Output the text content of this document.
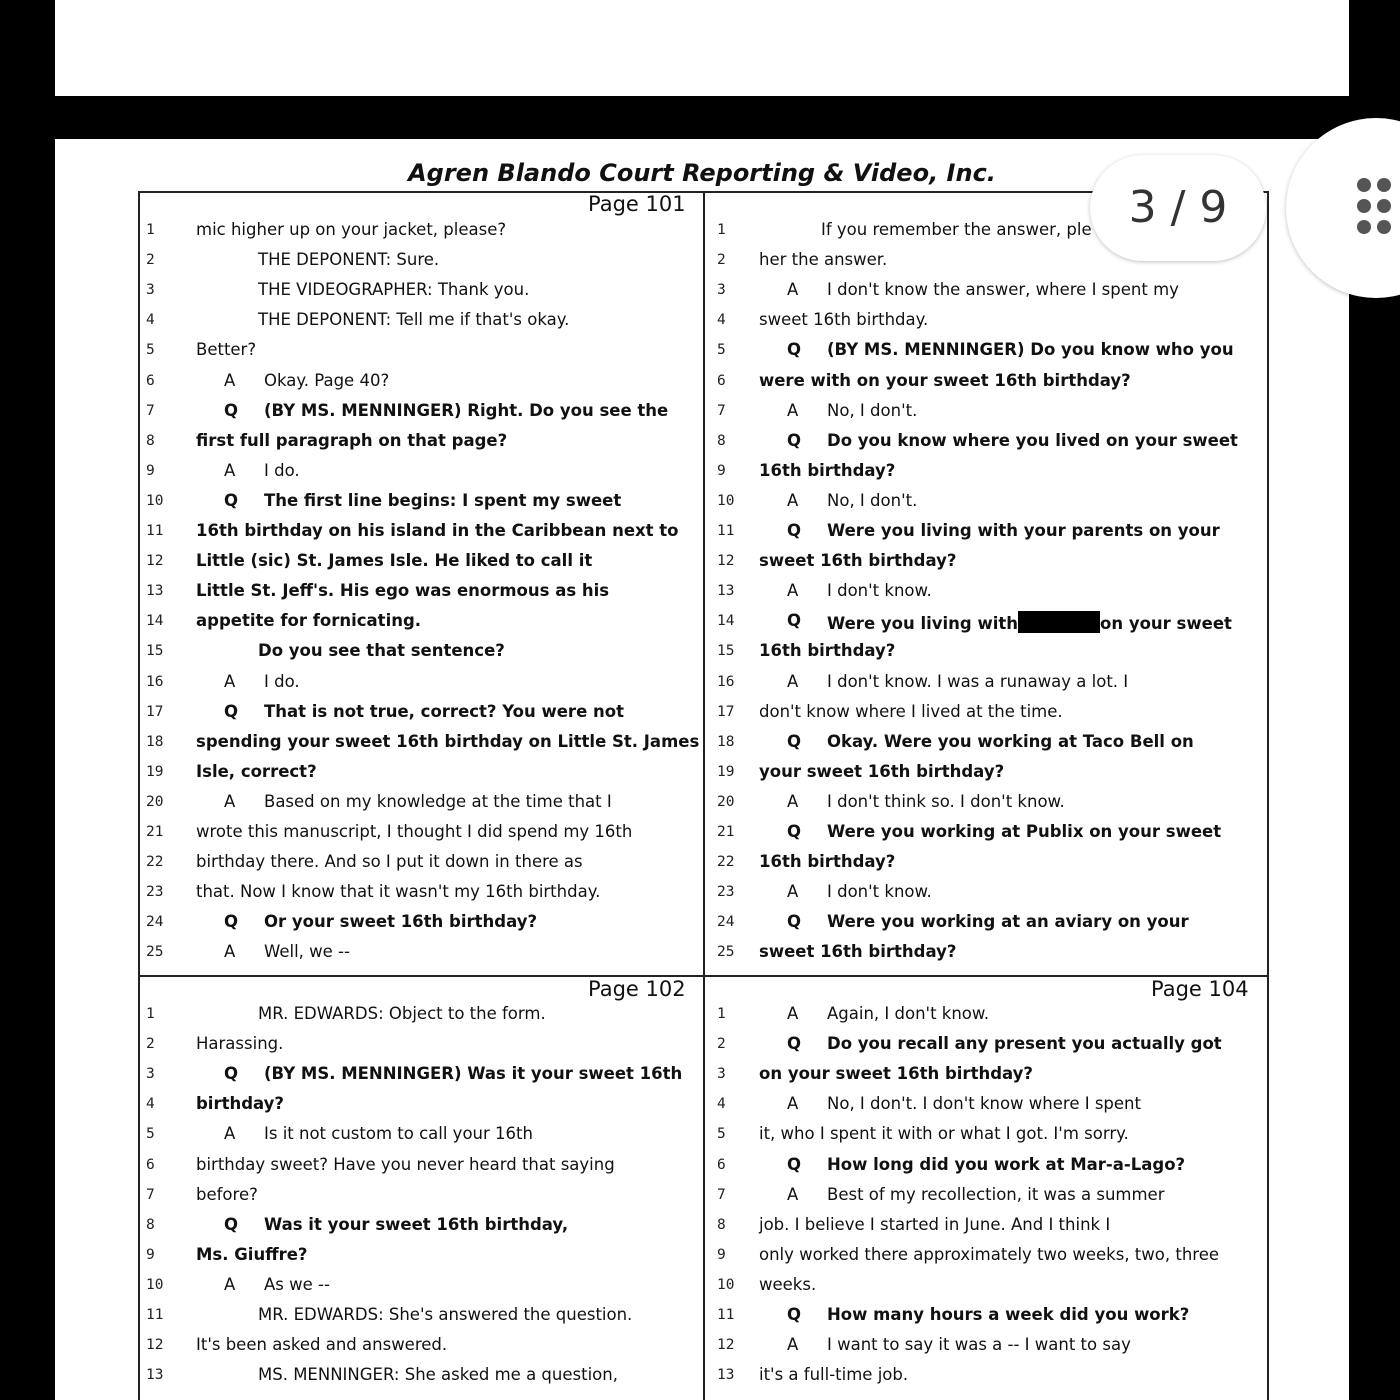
Agren Blando Court Reporting & Video, Inc.
Page 101
Page 102	Page 104
1	mic higher up on your jacket, please?
2	THE DEPONENT: Sure.
3	THE VIDEOGRAPHER: Thank you.
4	THE DEPONENT: Tell me if that's okay.
5	Better?
6	A Okay. Page 40?
7	Q (BY MS. MENNINGER) Right. Do you see the
8	first full paragraph on that page?
9	A I do.
10	Q The first line begins: I spent my sweet
11	16th birthday on his island in the Caribbean next to
12	Little (sic) St. James Isle. He liked to call it
13	Little St. Jeff's. His ego was enormous as his
14	appetite for fornicating.
15	Do you see that sentence?
16	A I do.
17	Q That is not true, correct? You were not
18	spending your sweet 16th birthday on Little St. James
19	Isle, correct?
20	A Based on my knowledge at the time that I
21	wrote this manuscript, I thought I did spend my 16th
22	birthday there. And so I put it down in there as
23	that. Now I know that it wasn't my 16th birthday.
24	Q Or your sweet 16th birthday?
25	A Well, we --
1	If you remember the answer, ple
2	her the answer.
3	A I don't know the answer, where I spent my
4	sweet 16th birthday.
5	Q (BY MS. MENNINGER) Do you know who you
6	were with on your sweet 16th birthday?
7	A No, I don't.
8	Q Do you know where you lived on your sweet
9	16th birthday?
10	A No, I don't.
11	Q Were you living with your parents on your
12	sweet 16th birthday?
13	A I don't know.
14	Q Were you living with	on your sweet
15	16th birthday?
16	A I don't know. I was a runaway a lot. I
17	don't know where I lived at the time.
18	Q Okay. Were you working at Taco Bell on
19	your sweet 16th birthday?
20	A I don't think so. I don't know.
21	Q Were you working at Publix on your sweet
22	16th birthday?
23	A I don't know.
24	Q Were you working at an aviary on your
25	sweet 16th birthday?
1	MR. EDWARDS: Object to the form.
2	Harassing.
3	Q (BY MS. MENNINGER) Was it your sweet 16th
4	birthday?
5	A Is it not custom to call your 16th
6	birthday sweet? Have you never heard that saying
7	before?
8	Q Was it your sweet 16th birthday,
9	Ms. Giuffre?
10	A As we --
11	MR. EDWARDS: She's answered the question.
12	It's been asked and answered.
13	MS. MENNINGER: She asked me a question,
1	A Again, I don't know.
2	Q Do you recall any present you actually got
3	on your sweet 16th birthday?
4	A No, I don't. I don't know where I spent
5	it, who I spent it with or what I got. I'm sorry.
6	Q How long did you work at Mar-a-Lago?
7	A Best of my recollection, it was a summer
8	job. I believe I started in June. And I think I
9	only worked there approximately two weeks, two, three
10	weeks.
11	Q How many hours a week did you work?
12	A I want to say it was a -- I want to say
13	it's a full-time job.
3 / 9
